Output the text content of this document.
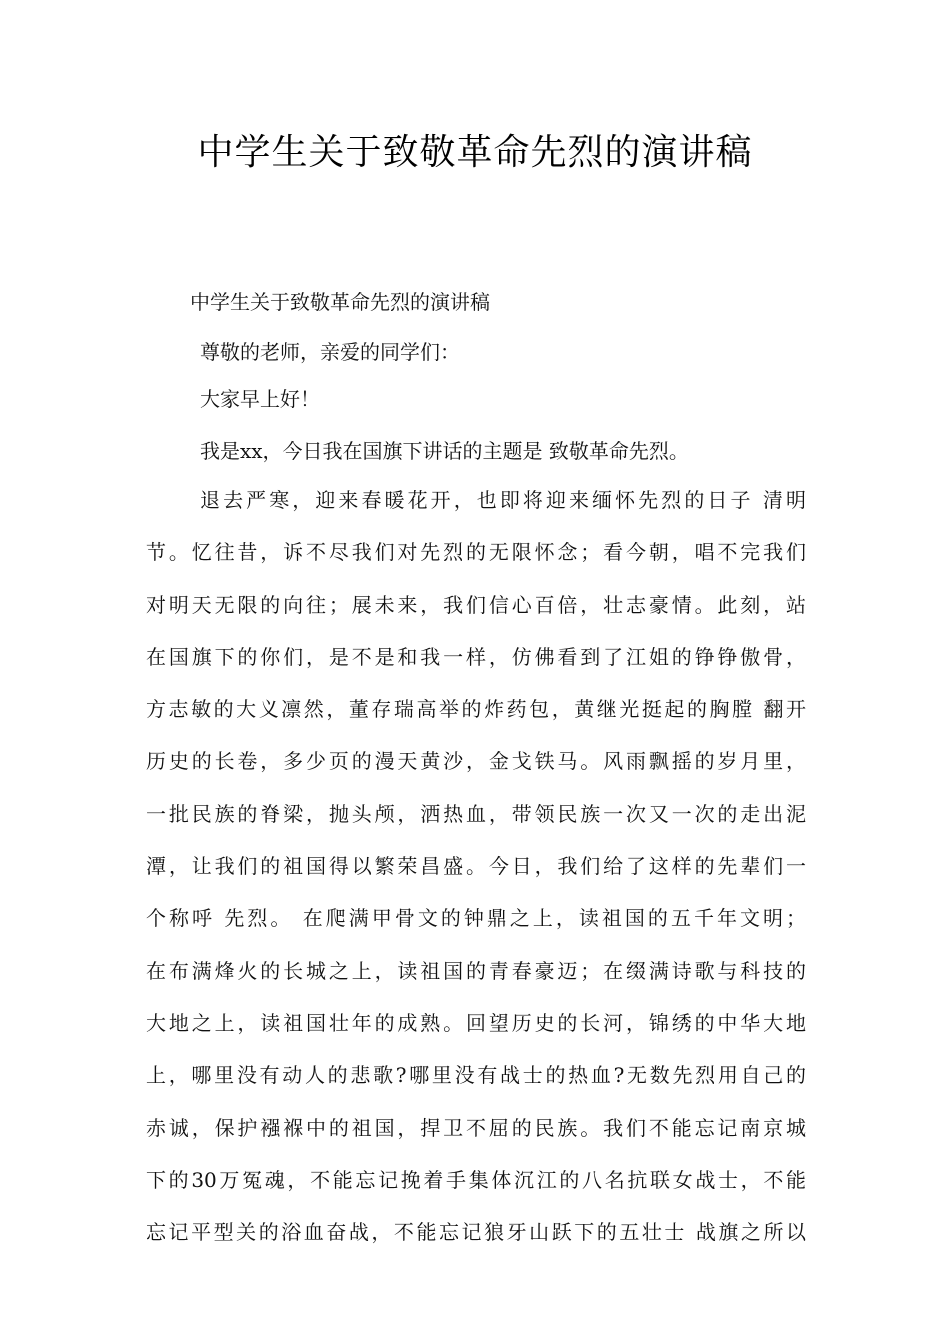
中学生关于致敬革命先烈的演讲稿

中学生关于致敬革命先烈的演讲稿

尊敬的老师，亲爱的同学们：

大家早上好！

我是xx，今日我在国旗下讲话的主题是 致敬革命先烈。

退去严寒，迎来春暖花开，也即将迎来缅怀先烈的日子 清明

节。忆往昔，诉不尽我们对先烈的无限怀念；看今朝，唱不完我们

对明天无限的向往；展未来，我们信心百倍，壮志豪情。此刻，站

在国旗下的你们，是不是和我一样，仿佛看到了江姐的铮铮傲骨，

方志敏的大义凛然，董存瑞高举的炸药包，黄继光挺起的胸膛 翻开

历史的长卷，多少页的漫天黄沙，金戈铁马。风雨飘摇的岁月里，

一批民族的脊梁，抛头颅，洒热血，带领民族一次又一次的走出泥

潭，让我们的祖国得以繁荣昌盛。今日，我们给了这样的先辈们一

个称呼 先烈。 在爬满甲骨文的钟鼎之上，读祖国的五千年文明；

在布满烽火的长城之上，读祖国的青春豪迈；在缀满诗歌与科技的

大地之上，读祖国壮年的成熟。回望历史的长河，锦绣的中华大地

上，哪里没有动人的悲歌?哪里没有战士的热血?无数先烈用自己的

赤诚，保护襁褓中的祖国，捍卫不屈的民族。我们不能忘记南京城

下的30万冤魂，不能忘记挽着手集体沉江的八名抗联女战士，不能

忘记平型关的浴血奋战，不能忘记狼牙山跃下的五壮士 战旗之所以
